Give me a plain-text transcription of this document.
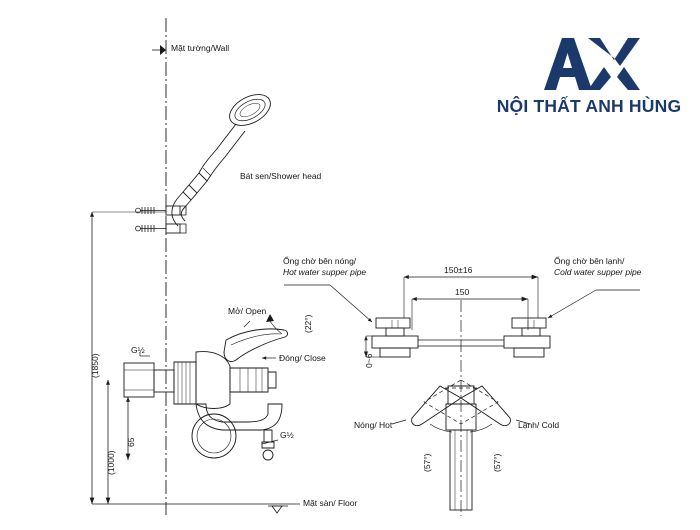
Mặt tường/Wall
Bát sen/Shower head
Ống chờ bên nóng/
Hot water supper pipe
Ống chờ bên lạnh/
Cold water supper pipe
Mở/ Open
Đóng/ Close
G½
G½
Nóng/ Hot	Lạnh/ Cold
Mặt sàn/ Floor
(1850)
(1000)
65
(22°)
150±16
150
0~6
(57°)	(57°)
NỘI THẤT ANH HÙNG
